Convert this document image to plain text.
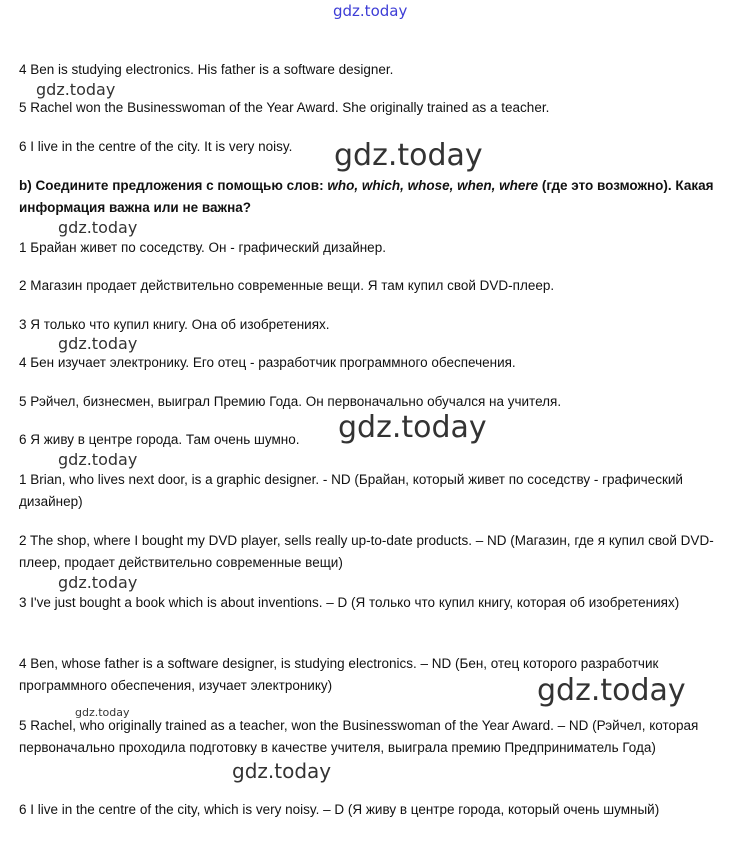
gdz.today
gdz.today
gdz.today
gdz.today
gdz.today
gdz.today
gdz.today
gdz.today
gdz.today
gdz.today
gdz.today

4 Ben is studying electronics. His father is a software designer.

5 Rachel won the Businesswoman of the Year Award. She originally trained as a teacher.

6 I live in the centre of the city. It is very noisy.

b) Соедините предложения с помощью слов: who, which, whose, when, where (где это возможно). Какая информация важна или не важна?

1 Брайан живет по соседству. Он - графический дизайнер.

2 Магазин продает действительно современные вещи. Я там купил свой DVD-плеер.

3 Я только что купил книгу. Она об изобретениях.

4 Бен изучает электронику. Его отец - разработчик программного обеспечения.

5 Рэйчел, бизнесмен, выиграл Премию Года. Он первоначально обучался на учителя.

6 Я живу в центре города. Там очень шумно.

1 Brian, who lives next door, is a graphic designer. - ND (Брайан, который живет по соседству - графический дизайнер)

2 The shop, where I bought my DVD player, sells really up-to-date products. – ND (Магазин, где я купил свой DVD-плеер, продает действительно современные вещи)

3 I've just bought a book which is about inventions. – D (Я только что купил книгу, которая об изобретениях)

4 Ben, whose father is a software designer, is studying electronics. – ND (Бен, отец которого разработчик программного обеспечения, изучает электронику)

5 Rachel, who originally trained as a teacher, won the Businesswoman of the Year Award. – ND (Рэйчел, которая первоначально проходила подготовку в качестве учителя, выиграла премию Предприниматель Года)

6 I live in the centre of the city, which is very noisy. – D (Я живу в центре города, который очень шумный)
